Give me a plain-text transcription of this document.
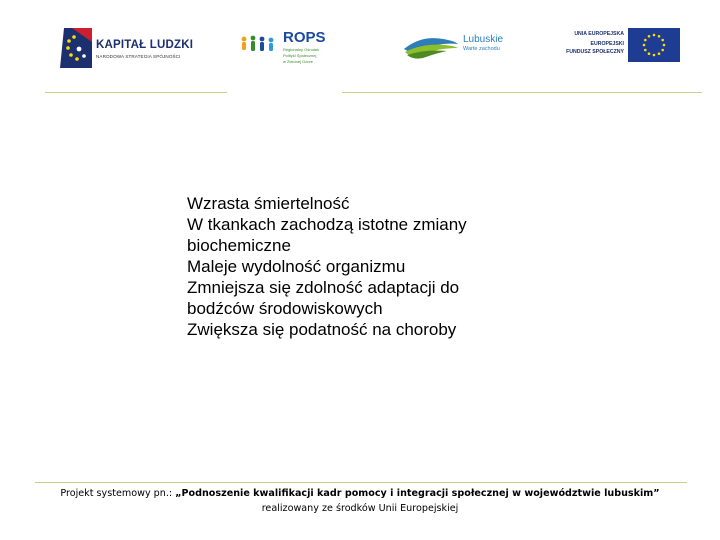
KAPITAŁ LUDZKI
NARODOWA STRATEGIA SPÓJNOŚCI
ROPS
Regionalny Ośrodek
Polityki Społecznej
w Zielonej Górze
Lubuskie
Warte zachodu
UNIA EUROPEJSKA
EUROPEJSKI
FUNDUSZ SPOŁECZNY
Wzrasta śmiertelność
W tkankach zachodzą istotne zmiany
biochemiczne
Maleje wydolność organizmu
Zmniejsza się zdolność adaptacji do
bodźców środowiskowych
Zwiększa się podatność na choroby
Projekt systemowy pn.: „Podnoszenie kwalifikacji kadr pomocy i integracji społecznej w województwie lubuskim”
realizowany ze środków Unii Europejskiej
